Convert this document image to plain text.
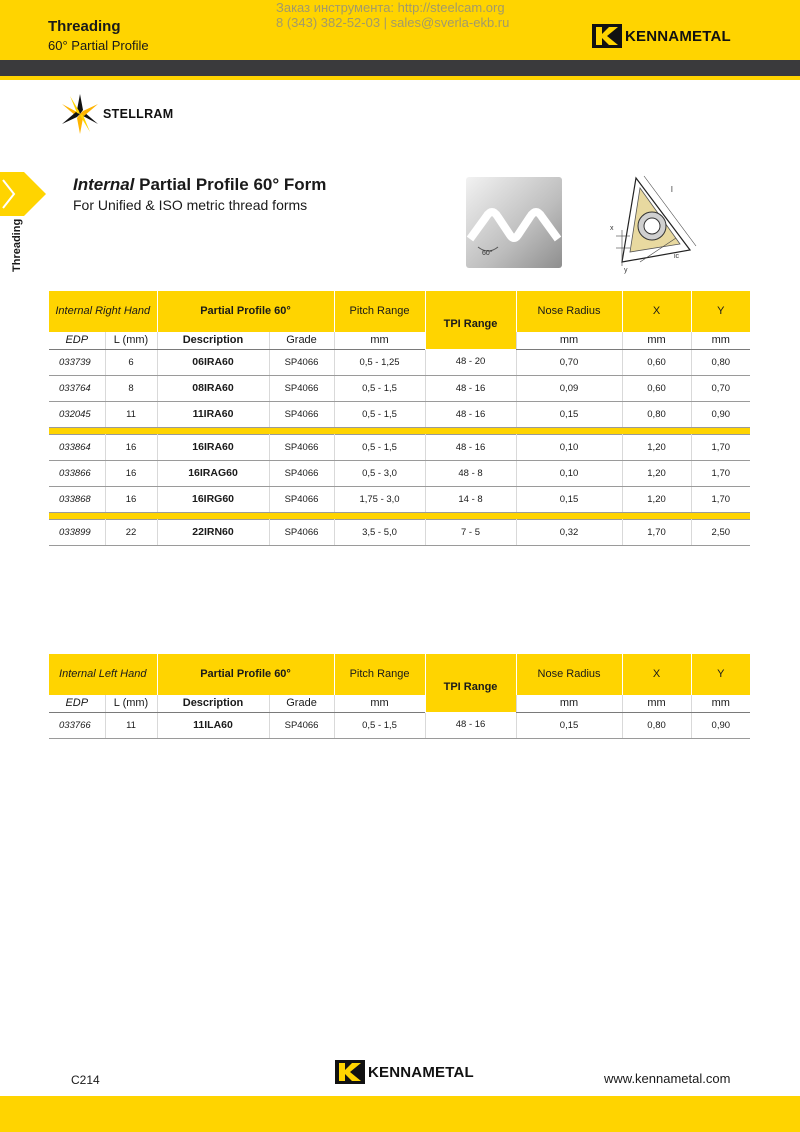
Threading
60° Partial Profile
Заказ инструмента: http://steelcam.org
8 (343) 382-52-03 | sales@sverla-ekb.ru
KENNAMETAL
STELLRAM
Threading
Internal Partial Profile 60° Form
For Unified & ISO metric thread forms
60°
l
x
y
ic
Internal Right Hand		Partial Profile 60°		Pitch Range	TPI Range	Nose Radius	X	Y
EDP	L (mm)	Description	Grade	mm		mm	mm	mm
033739	6	06IRA60	SP4066	0,5 - 1,25	48 - 20	0,70	0,60	0,80
033764	8	08IRA60	SP4066	0,5 - 1,5	48 - 16	0,09	0,60	0,70
032045	11	11IRA60	SP4066	0,5 - 1,5	48 - 16	0,15	0,80	0,90

033864	16	16IRA60	SP4066	0,5 - 1,5	48 - 16	0,10	1,20	1,70
033866	16	16IRAG60	SP4066	0,5 - 3,0	48 - 8	0,10	1,20	1,70
033868	16	16IRG60	SP4066	1,75 - 3,0	14 - 8	0,15	1,20	1,70

033899	22	22IRN60	SP4066	3,5 - 5,0	7 - 5	0,32	1,70	2,50
Internal Left Hand		Partial Profile 60°		Pitch Range	TPI Range	Nose Radius	X	Y
EDP	L (mm)	Description	Grade	mm		mm	mm	mm
033766	11	11ILA60	SP4066	0,5 - 1,5	48 - 16	0,15	0,80	0,90
C214	KENNAMETAL	www.kennametal.com
